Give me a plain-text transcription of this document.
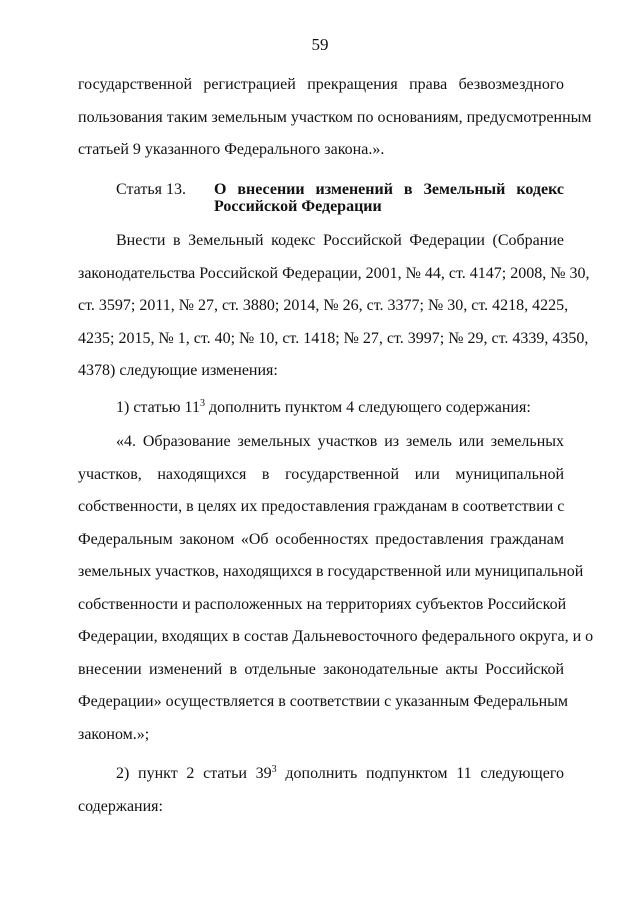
59
государственной регистрацией прекращения права безвозмездного
пользования таким земельным участком по основаниям, предусмотренным
статьей 9 указанного Федерального закона.».
Статья 13. О внесении изменений в Земельный кодекс
Российской Федерации
Внести в Земельный кодекс Российской Федерации (Собрание
законодательства Российской Федерации, 2001, № 44, ст. 4147; 2008, № 30,
ст. 3597; 2011, № 27, ст. 3880; 2014, № 26, ст. 3377; № 30, ст. 4218, 4225,
4235; 2015, № 1, ст. 40; № 10, ст. 1418; № 27, ст. 3997; № 29, ст. 4339, 4350,
4378) следующие изменения:
1) статью $11^3$ дополнить пунктом 4 следующего содержания:
«4. Образование земельных участков из земель или земельных
участков, находящихся в государственной или муниципальной
собственности, в целях их предоставления гражданам в соответствии с
Федеральным законом «Об особенностях предоставления гражданам
земельных участков, находящихся в государственной или муниципальной
собственности и расположенных на территориях субъектов Российской
Федерации, входящих в состав Дальневосточного федерального округа, и о
внесении изменений в отдельные законодательные акты Российской
Федерации» осуществляется в соответствии с указанным Федеральным
законом.»;
2) пункт 2 статьи $39^3$ дополнить подпунктом 11 следующего
содержания:
